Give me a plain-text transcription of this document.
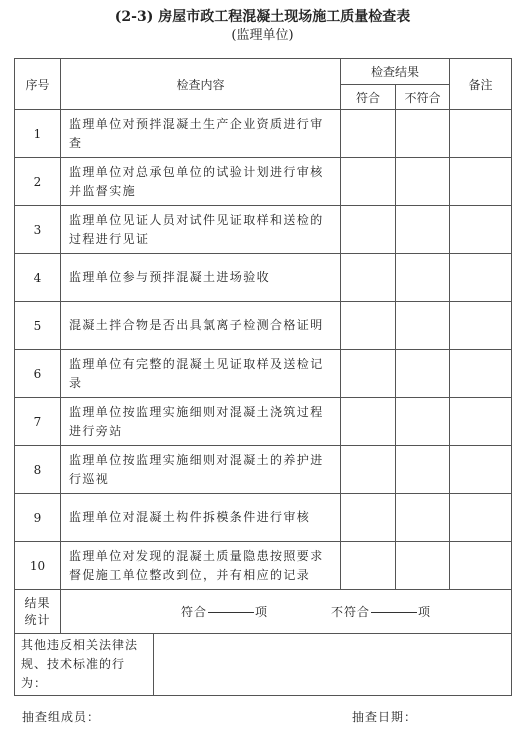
(2-3) 房屋市政工程混凝土现场施工质量检查表
(监理单位)
序号	检查内容	检查结果		备注
		符合	不符合	
1	监理单位对预拌混凝土生产企业资质进行审查			
2	监理单位对总承包单位的试验计划进行审核并监督实施			
3	监理单位见证人员对试件见证取样和送检的过程进行见证			
4	监理单位参与预拌混凝土进场验收			
5	混凝土拌合物是否出具氯离子检测合格证明			
6	监理单位有完整的混凝土见证取样及送检记录			
7	监理单位按监理实施细则对混凝土浇筑过程进行旁站			
8	监理单位按监理实施细则对混凝土的养护进行巡视			
9	监理单位对混凝土构件拆模条件进行审核			
10	监理单位对发现的混凝土质量隐患按照要求督促施工单位整改到位，并有相应的记录			
结果统计	符合 项 不符合 项			

其他违反相关法律法规、技术标准的行为：				

抽查组成员：	抽查日期：
